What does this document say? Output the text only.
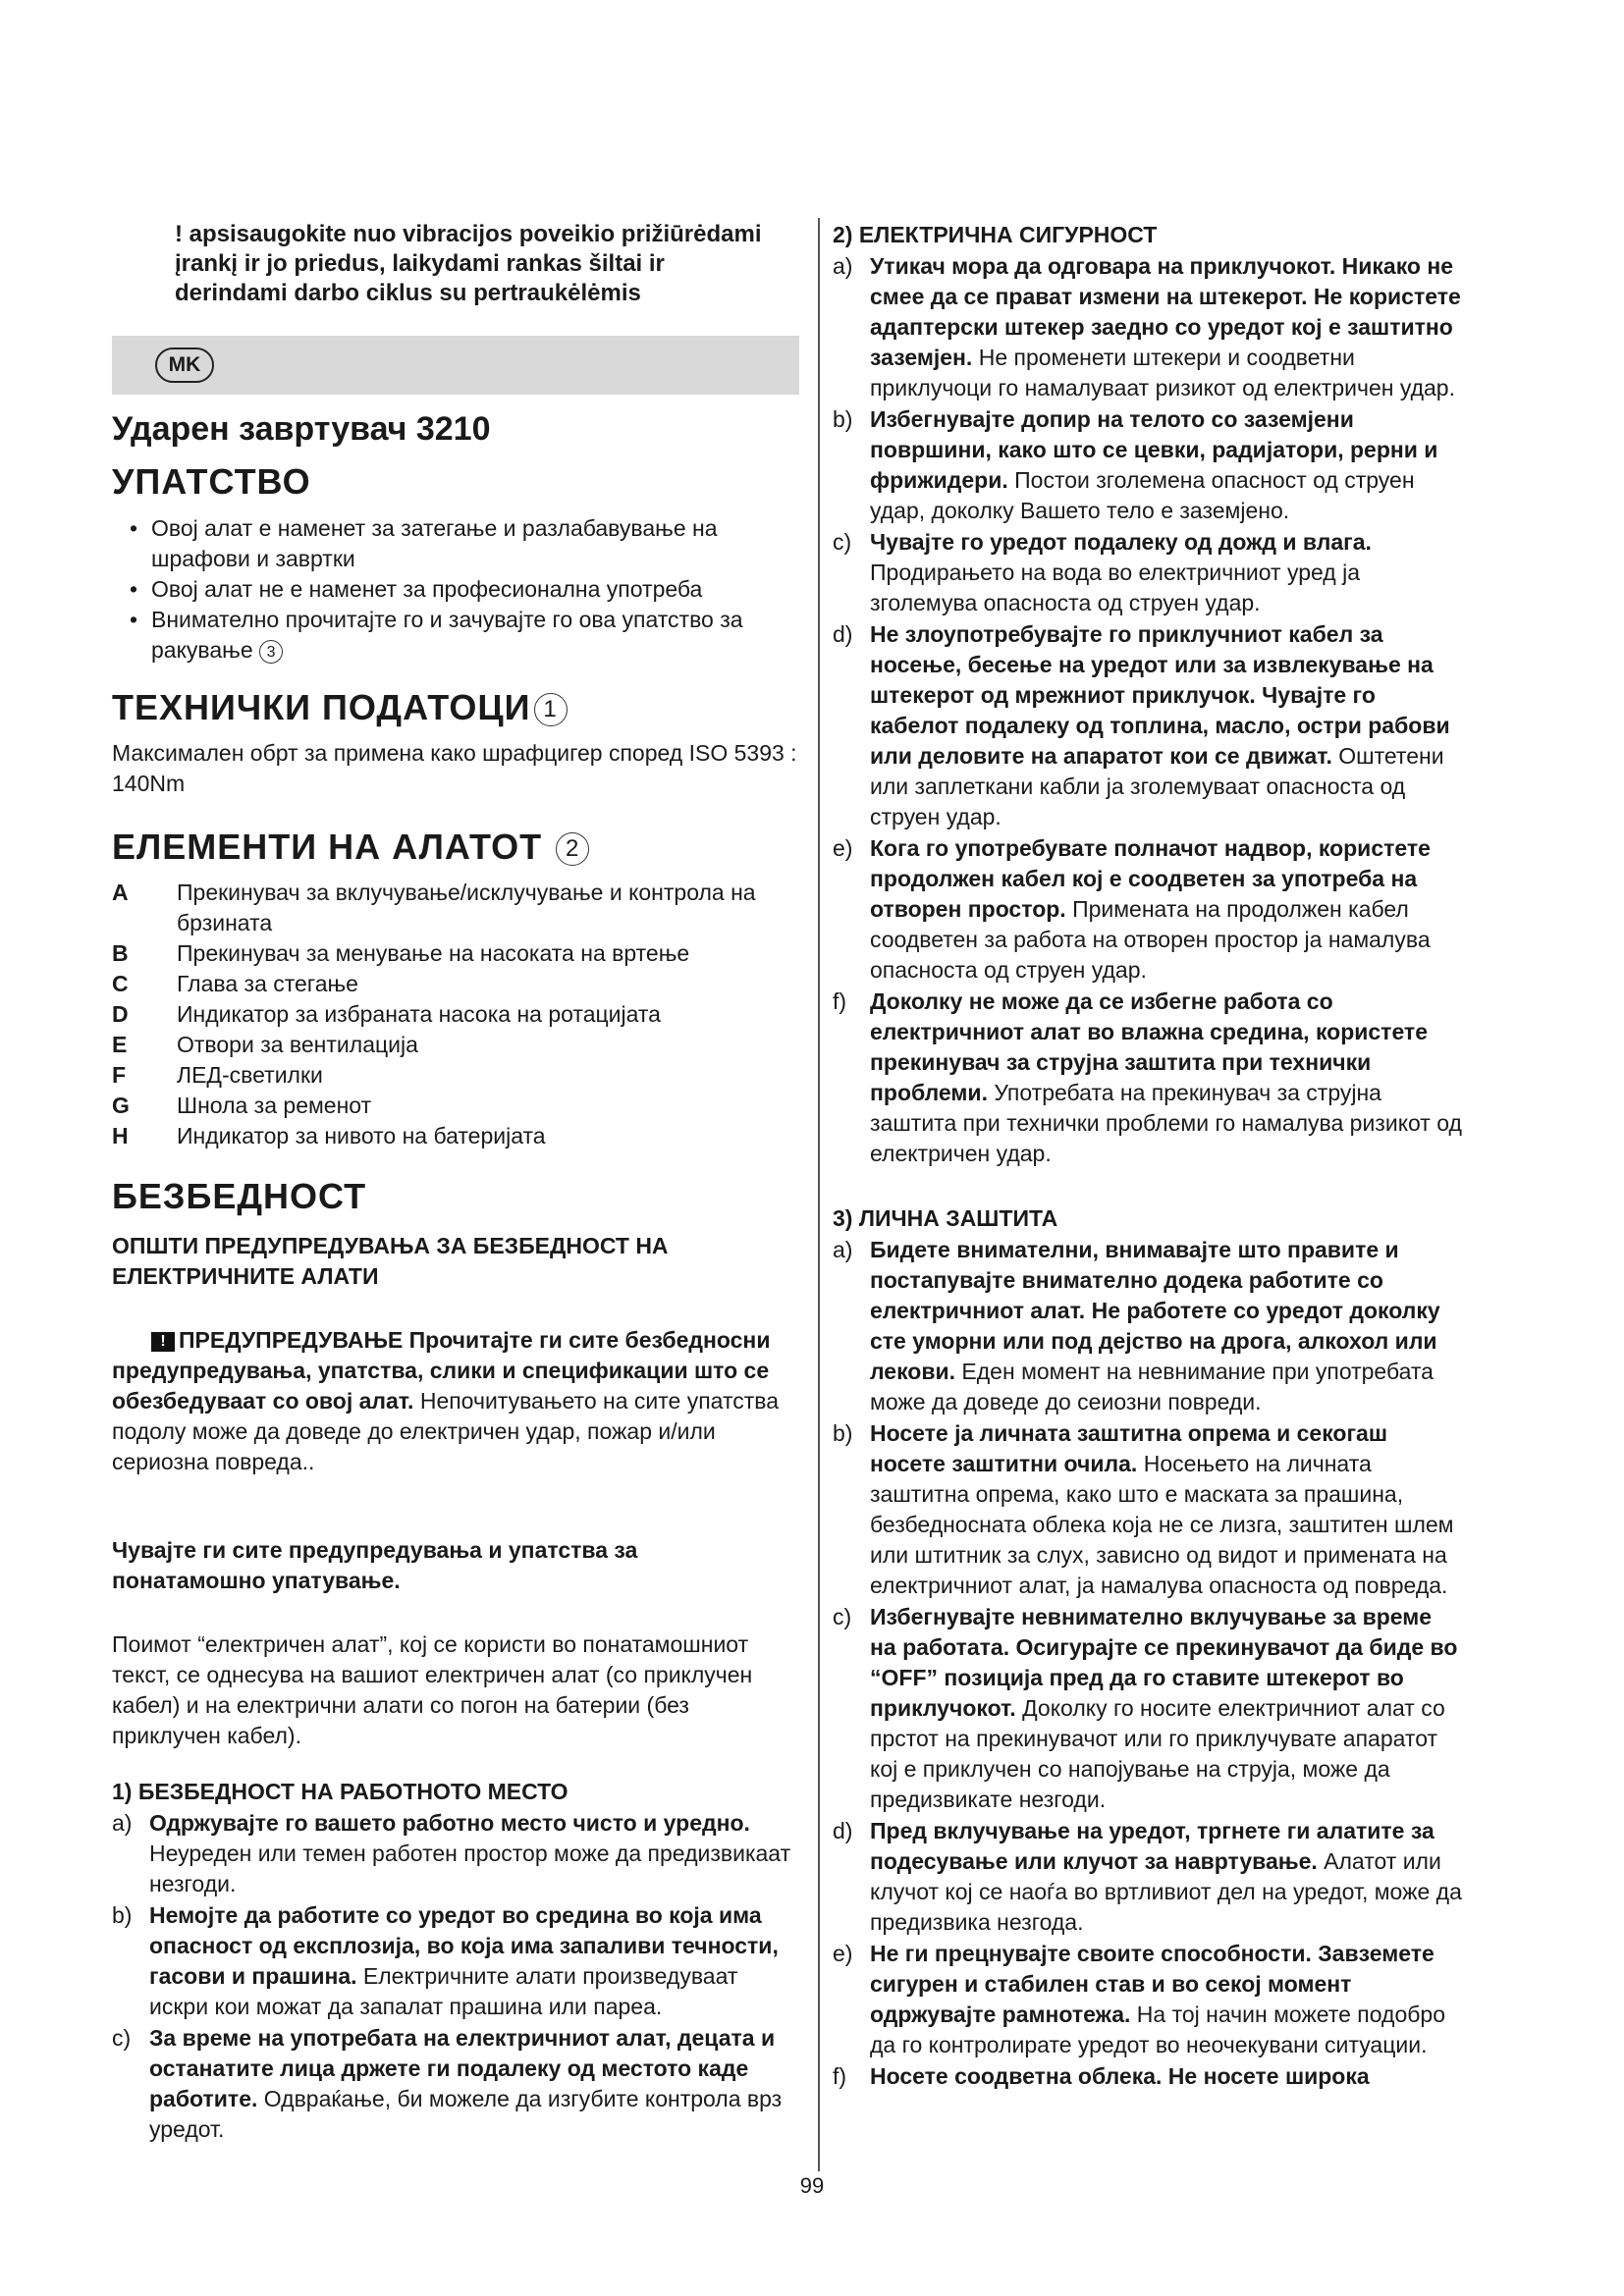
! apsisaugokite nuo vibracijos poveikio prižiūrėdami įrankį ir jo priedus, laikydami rankas šiltai ir derindami darbo ciklus su pertraukėlėmis

MK
Ударен завртувач 3210
УПАТСТВО
• Овој алат е наменет за затегање и разлабавување на шрафови и завртки
• Овој алат не е наменет за професионална употреба
• Внимателно прочитајте го и зачувајте го ова упатство за ракување 3
ТЕХНИЧКИ ПОДАТОЦИ 1

Максимален обрт за примена како шрафцигер според ISO 5393 : 140Nm

ЕЛЕМЕНТИ НА АЛАТОТ 2
A Прекинувач за вклучување/исклучување и контрола на брзината
B Прекинувач за менување на насоката на вртење
C Глава за стегање
D Индикатор за избраната насока на ротацијата
E Отвори за вентилација
F ЛЕД-светилки
G Шнола за ременот
H Индикатор за нивото на батеријата
БЕЗБЕДНОСТ

ОПШТИ ПРЕДУПРЕДУВАЊА ЗА БЕЗБЕДНОСТ НА ЕЛЕКТРИЧНИТЕ АЛАТИ

! ПРЕДУПРЕДУВАЊЕ Прочитајте ги сите безбедносни предупредувања, упатства, слики и спецификации што се обезбедуваат со овој алат. Непочитувањето на сите упатства подолу може да доведе до електричен удар, пожар и/или сериозна повреда..

Чувајте ги сите предупредувања и упатства за понатамошно упатување.

Поимот “електричен алат”, кој се користи во понатамошниот текст, се однесува на вашиот електричен алат (со приклучен кабел) и на електрични алати со погон на батерии (без приклучен кабел).

1) БЕЗБЕДНОСТ НА РАБОТНОТО МЕСТО
a) Одржувајте го вашето работно место чисто и уредно. Неуреден или темен работен простор може да предизвикаат незгоди.
b) Немојте да работите со уредот во средина во која има опасност од експлозија, во која има запаливи течности, гасови и прашина. Електричните алати произведуваат искри кои можат да запалат прашина или пареа.
c) За време на употребата на електричниот алат, децата и останатите лица држете ги подалеку од местото каде работите. Одвраќање, би можеле да изгубите контрола врз уредот.
2) ЕЛЕКТРИЧНА СИГУРНОСТ
a) Утикач мора да одговара на приклучокот. Никако не смее да се прават измени на штекерот. Не користете адаптерски штекер заедно со уредот кој е заштитно заземјен. Не променети штекери и соодветни приклучоци го намалуваат ризикот од електричен удар.
b) Избегнувајте допир на телото со заземјени површини, како што се цевки, радијатори, рерни и фрижидери. Постои зголемена опасност од струен удар, доколку Вашето тело е заземјено.
c) Чувајте го уредот подалеку од дожд и влага. Продирањето на вода во електричниот уред ја зголемува опасноста од струен удар.
d) Не злоупотребувајте го приклучниот кабел за носење, бесење на уредот или за извлекување на штекерот од мрежниот приклучок. Чувајте го кабелот подалеку од топлина, масло, остри рабови или деловите на апаратот кои се движат. Оштетени или заплеткани кабли ја зголемуваат опасноста од струен удар.
e) Кога го употребувате полначот надвор, користете продолжен кабел кој е соодветен за употреба на отворен простор. Примената на продолжен кабел соодветен за работа на отворен простор ја намалува опасноста од струен удар.
f) Доколку не може да се избегне работа со електричниот алат во влажна средина, користете прекинувач за струјна заштита при технички проблеми. Употребата на прекинувач за струјна заштита при технички проблеми го намалува ризикот од електричен удар.
3) ЛИЧНА ЗАШТИТА
a) Бидете внимателни, внимавајте што правите и постапувајте внимателно додека работите со електричниот алат. Не работете со уредот доколку сте уморни или под дејство на дрога, алкохол или лекови. Еден момент на невнимание при употребата може да доведе до сеиозни повреди.
b) Носете ја личната заштитна опрема и секогаш носете заштитни очила. Носењето на личната заштитна опрема, како што е маската за прашина, безбедносната облека која не се лизга, заштитен шлем или штитник за слух, зависно од видот и примената на електричниот алат, ја намалува опасноста од повреда.
c) Избегнувајте невнимателно вклучување за време на работата. Осигурајте се прекинувачот да биде во “OFF” позиција пред да го ставите штекерот во приклучокот. Доколку го носите електричниот алат со прстот на прекинувачот или го приклучувате апаратот кој е приклучен со напојување на струја, може да предизвикате незгоди.
d) Пред вклучување на уредот, тргнете ги алатите за подесување или клучот за навртување. Алатот или клучот кој се наоѓа во вртливиот дел на уредот, може да предизвика незгода.
e) Не ги прецнувајте своите способности. Завземете сигурен и стабилен став и во секој момент одржувајте рамнотежа. На тој начин можете подобро да го контролирате уредот во неочекувани ситуации.
f) Носете соодветна облека. Не носете широка
99
